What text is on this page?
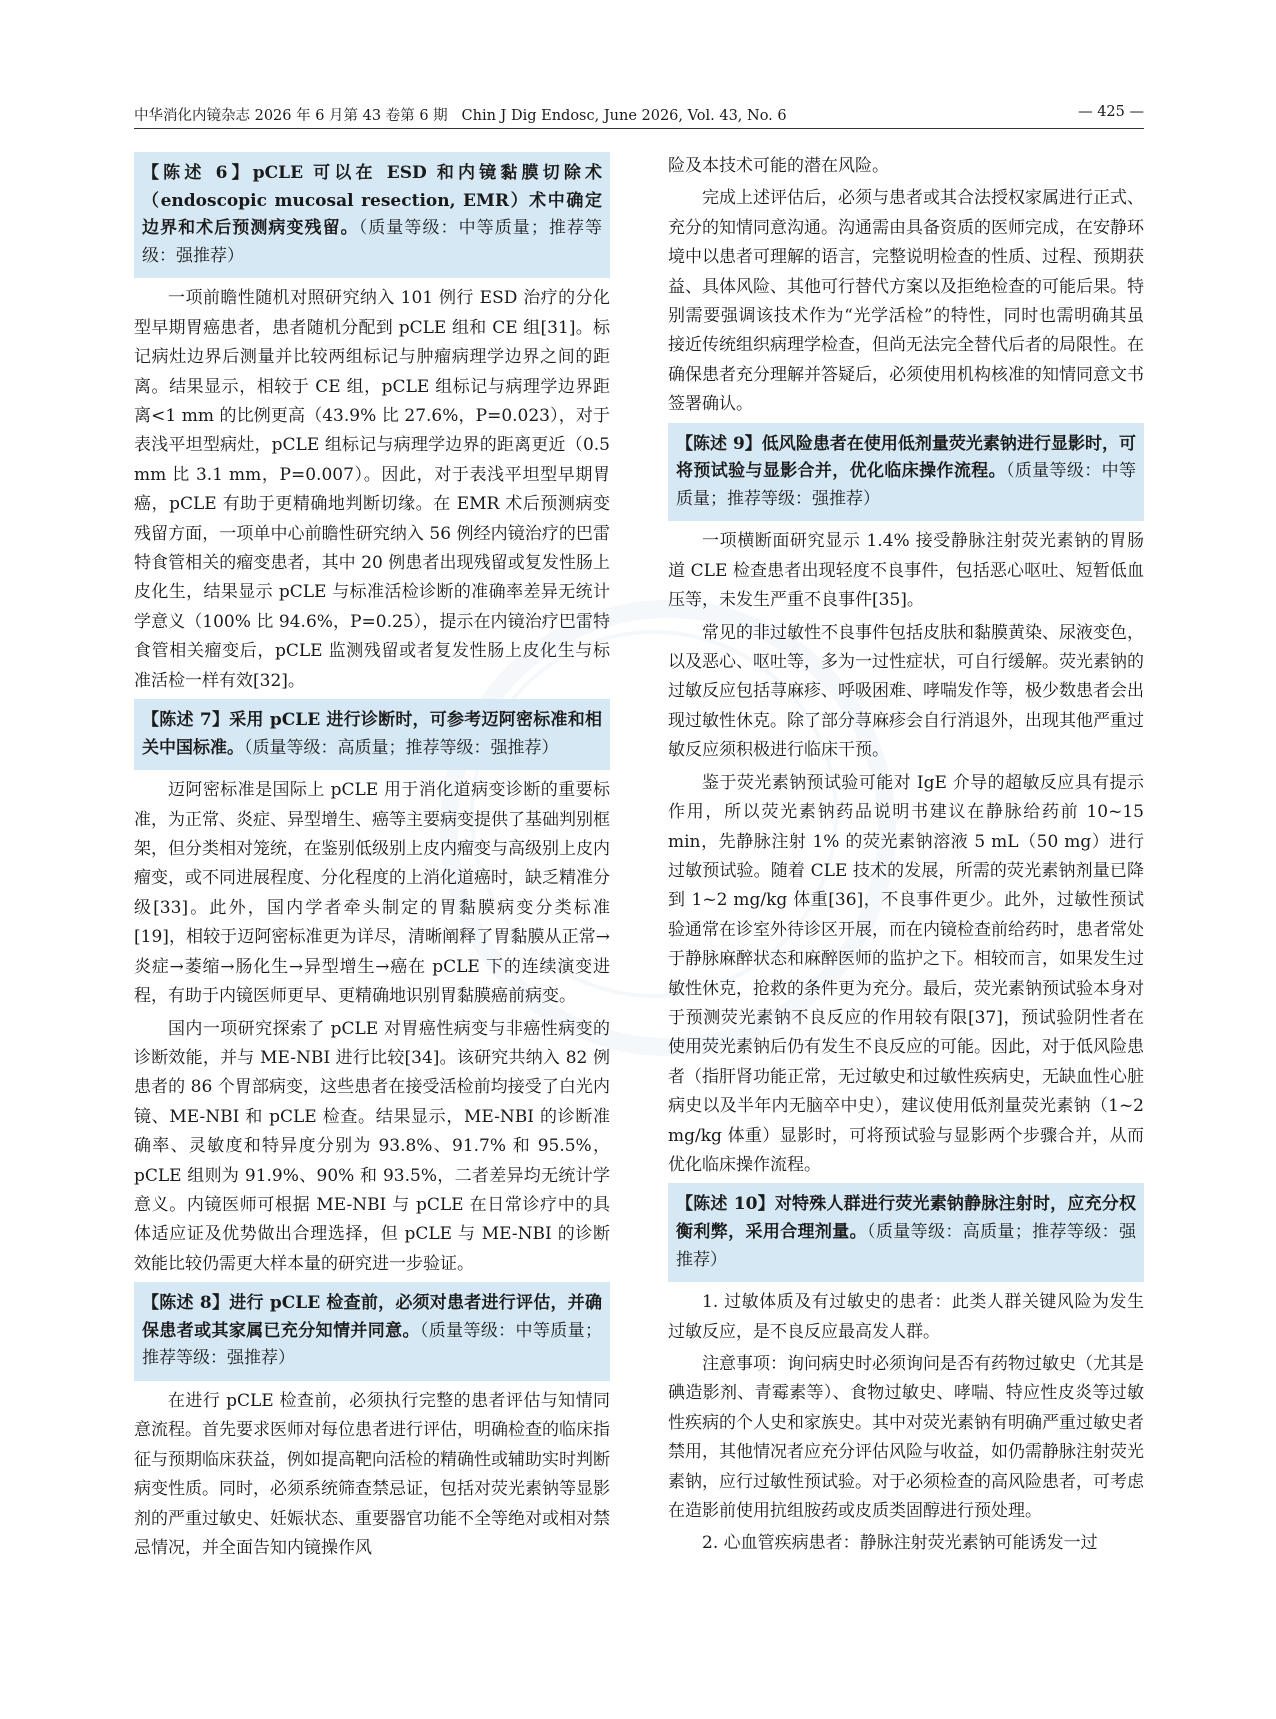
中华消化内镜杂志 2026 年 6 月第 43 卷第 6 期 Chin J Dig Endosc, June 2026, Vol. 43, No. 6	— 425 —
【陈述 6】pCLE 可以在 ESD 和内镜黏膜切除术（endoscopic mucosal resection, EMR）术中确定边界和术后预测病变残留。（质量等级：中等质量；推荐等级：强推荐）

一项前瞻性随机对照研究纳入 101 例行 ESD 治疗的分化型早期胃癌患者，患者随机分配到 pCLE 组和 CE 组[31]。标记病灶边界后测量并比较两组标记与肿瘤病理学边界之间的距离。结果显示，相较于 CE 组，pCLE 组标记与病理学边界距离<1 mm 的比例更高（43.9% 比 27.6%，P=0.023），对于表浅平坦型病灶，pCLE 组标记与病理学边界的距离更近（0.5 mm 比 3.1 mm，P=0.007）。因此，对于表浅平坦型早期胃癌，pCLE 有助于更精确地判断切缘。在 EMR 术后预测病变残留方面，一项单中心前瞻性研究纳入 56 例经内镜治疗的巴雷特食管相关的瘤变患者，其中 20 例患者出现残留或复发性肠上皮化生，结果显示 pCLE 与标准活检诊断的准确率差异无统计学意义（100% 比 94.6%，P=0.25），提示在内镜治疗巴雷特食管相关瘤变后，pCLE 监测残留或者复发性肠上皮化生与标准活检一样有效[32]。

【陈述 7】采用 pCLE 进行诊断时，可参考迈阿密标准和相关中国标准。（质量等级：高质量；推荐等级：强推荐）

迈阿密标准是国际上 pCLE 用于消化道病变诊断的重要标准，为正常、炎症、异型增生、癌等主要病变提供了基础判别框架，但分类相对笼统，在鉴别低级别上皮内瘤变与高级别上皮内瘤变，或不同进展程度、分化程度的上消化道癌时，缺乏精准分级[33]。此外，国内学者牵头制定的胃黏膜病变分类标准[19]，相较于迈阿密标准更为详尽，清晰阐释了胃黏膜从正常→炎症→萎缩→肠化生→异型增生→癌在 pCLE 下的连续演变进程，有助于内镜医师更早、更精确地识别胃黏膜癌前病变。

国内一项研究探索了 pCLE 对胃癌性病变与非癌性病变的诊断效能，并与 ME-NBI 进行比较[34]。该研究共纳入 82 例患者的 86 个胃部病变，这些患者在接受活检前均接受了白光内镜、ME-NBI 和 pCLE 检查。结果显示，ME-NBI 的诊断准确率、灵敏度和特异度分别为 93.8%、91.7% 和 95.5%，pCLE 组则为 91.9%、90% 和 93.5%，二者差异均无统计学意义。内镜医师可根据 ME-NBI 与 pCLE 在日常诊疗中的具体适应证及优势做出合理选择，但 pCLE 与 ME-NBI 的诊断效能比较仍需更大样本量的研究进一步验证。

【陈述 8】进行 pCLE 检查前，必须对患者进行评估，并确保患者或其家属已充分知情并同意。（质量等级：中等质量；推荐等级：强推荐）

在进行 pCLE 检查前，必须执行完整的患者评估与知情同意流程。首先要求医师对每位患者进行评估，明确检查的临床指征与预期临床获益，例如提高靶向活检的精确性或辅助实时判断病变性质。同时，必须系统筛查禁忌证，包括对荧光素钠等显影剂的严重过敏史、妊娠状态、重要器官功能不全等绝对或相对禁忌情况，并全面告知内镜操作风

险及本技术可能的潜在风险。

完成上述评估后，必须与患者或其合法授权家属进行正式、充分的知情同意沟通。沟通需由具备资质的医师完成，在安静环境中以患者可理解的语言，完整说明检查的性质、过程、预期获益、具体风险、其他可行替代方案以及拒绝检查的可能后果。特别需要强调该技术作为“光学活检”的特性，同时也需明确其虽接近传统组织病理学检查，但尚无法完全替代后者的局限性。在确保患者充分理解并答疑后，必须使用机构核准的知情同意文书签署确认。

【陈述 9】低风险患者在使用低剂量荧光素钠进行显影时，可将预试验与显影合并，优化临床操作流程。（质量等级：中等质量；推荐等级：强推荐）

一项横断面研究显示 1.4% 接受静脉注射荧光素钠的胃肠道 CLE 检查患者出现轻度不良事件，包括恶心呕吐、短暂低血压等，未发生严重不良事件[35]。

常见的非过敏性不良事件包括皮肤和黏膜黄染、尿液变色，以及恶心、呕吐等，多为一过性症状，可自行缓解。荧光素钠的过敏反应包括荨麻疹、呼吸困难、哮喘发作等，极少数患者会出现过敏性休克。除了部分荨麻疹会自行消退外，出现其他严重过敏反应须积极进行临床干预。

鉴于荧光素钠预试验可能对 IgE 介导的超敏反应具有提示作用，所以荧光素钠药品说明书建议在静脉给药前 10~15 min，先静脉注射 1% 的荧光素钠溶液 5 mL（50 mg）进行过敏预试验。随着 CLE 技术的发展，所需的荧光素钠剂量已降到 1~2 mg/kg 体重[36]，不良事件更少。此外，过敏性预试验通常在诊室外待诊区开展，而在内镜检查前给药时，患者常处于静脉麻醉状态和麻醉医师的监护之下。相较而言，如果发生过敏性休克，抢救的条件更为充分。最后，荧光素钠预试验本身对于预测荧光素钠不良反应的作用较有限[37]，预试验阴性者在使用荧光素钠后仍有发生不良反应的可能。因此，对于低风险患者（指肝肾功能正常，无过敏史和过敏性疾病史，无缺血性心脏病史以及半年内无脑卒中史），建议使用低剂量荧光素钠（1~2 mg/kg 体重）显影时，可将预试验与显影两个步骤合并，从而优化临床操作流程。

【陈述 10】对特殊人群进行荧光素钠静脉注射时，应充分权衡利弊，采用合理剂量。（质量等级：高质量；推荐等级：强推荐）

1. 过敏体质及有过敏史的患者：此类人群关键风险为发生过敏反应，是不良反应最高发人群。

注意事项：询问病史时必须询问是否有药物过敏史（尤其是碘造影剂、青霉素等）、食物过敏史、哮喘、特应性皮炎等过敏性疾病的个人史和家族史。其中对荧光素钠有明确严重过敏史者禁用，其他情况者应充分评估风险与收益，如仍需静脉注射荧光素钠，应行过敏性预试验。对于必须检查的高风险患者，可考虑在造影前使用抗组胺药或皮质类固醇进行预处理。

2. 心血管疾病患者：静脉注射荧光素钠可能诱发一过
